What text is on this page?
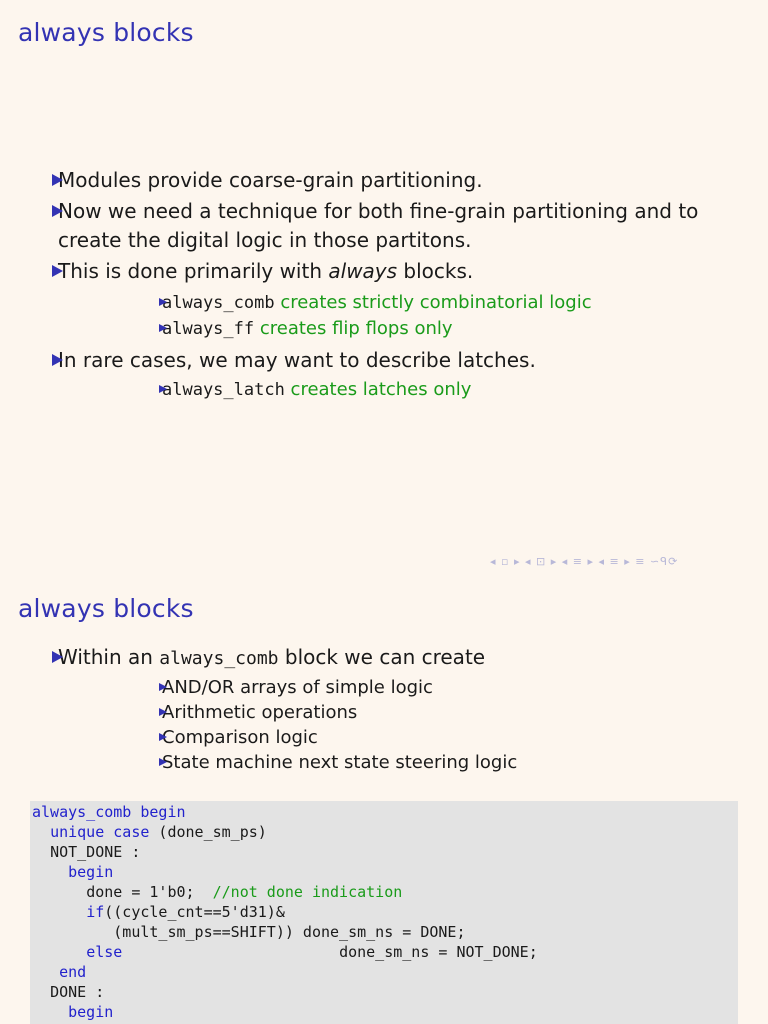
always blocks
Modules provide coarse-grain partitioning.
Now we need a technique for both fine-grain partitioning and to create the digital logic in those partitons.
This is done primarily with always blocks.
always_comb creates strictly combinatorial logic
always_ff creates flip flops only
In rare cases, we may want to describe latches.
always_latch creates latches only
◂ ▫ ▸ ◂ ⊡ ▸ ◂ ≡ ▸ ◂ ≡ ▸ ≡ ∽ᑫ⟳
always blocks
Within an always_comb block we can create
AND/OR arrays of simple logic
Arithmetic operations
Comparison logic
State machine next state steering logic
always_comb begin
unique case (done_sm_ps)
NOT_DONE :
begin
done = 1'b0;  //not done indication
if((cycle_cnt==5'd31)&
(mult_sm_ps==SHIFT)) done_sm_ns = DONE;
else	done_sm_ns = NOT_DONE;
end
DONE :
begin
